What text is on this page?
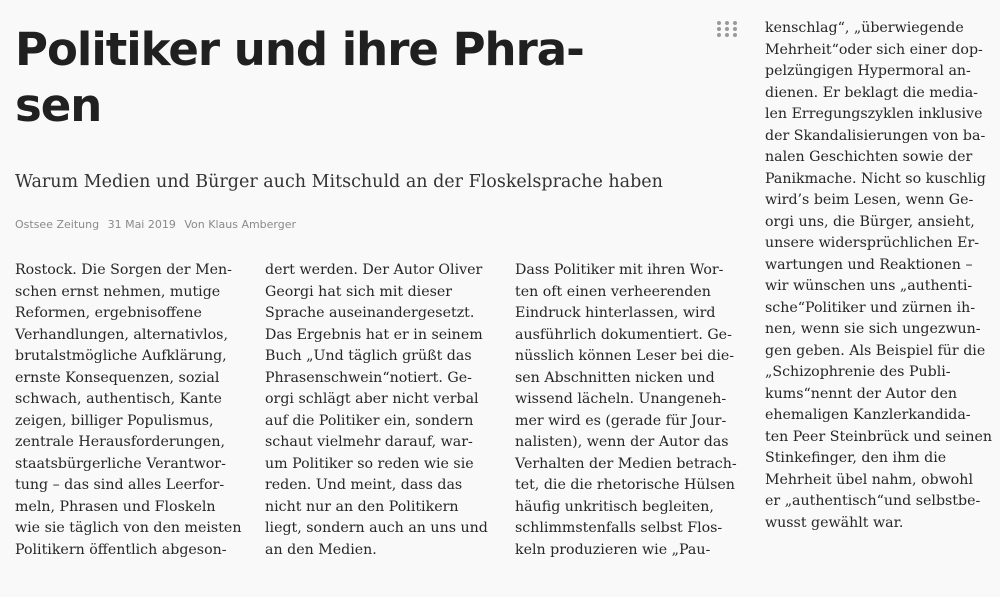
Politiker und ihre Phra-
sen
Warum Medien und Bürger auch Mitschuld an der Floskelsprache haben
Ostsee Zeitung 31 Mai 2019 Von Klaus Amberger
Rostock. Die Sorgen der Men-
schen ernst nehmen, mutige
Reformen, ergebnisoffene
Verhandlungen, alternativlos,
brutalstmögliche Aufklärung,
ernste Konsequenzen, sozial
schwach, authentisch, Kante
zeigen, billiger Populismus,
zentrale Herausforderungen,
staatsbürgerliche Verantwor-
tung – das sind alles Leerfor-
meln, Phrasen und Floskeln
wie sie täglich von den meisten
Politikern öffentlich abgeson-
dert werden. Der Autor Oliver
Georgi hat sich mit dieser
Sprache auseinandergesetzt.
Das Ergebnis hat er in seinem
Buch „Und täglich grüßt das
Phrasenschwein“notiert. Ge-
orgi schlägt aber nicht verbal
auf die Politiker ein, sondern
schaut vielmehr darauf, war-
um Politiker so reden wie sie
reden. Und meint, dass das
nicht nur an den Politikern
liegt, sondern auch an uns und
an den Medien.
Dass Politiker mit ihren Wor-
ten oft einen verheerenden
Eindruck hinterlassen, wird
ausführlich dokumentiert. Ge-
nüsslich können Leser bei die-
sen Abschnitten nicken und
wissend lächeln. Unangeneh-
mer wird es (gerade für Jour-
nalisten), wenn der Autor das
Verhalten der Medien betrach-
tet, die die rhetorische Hülsen
häufig unkritisch begleiten,
schlimmstenfalls selbst Flos-
keln produzieren wie „Pau-
kenschlag“, „überwiegende
Mehrheit“oder sich einer dop-
pelzüngigen Hypermoral an-
dienen. Er beklagt die media-
len Erregungszyklen inklusive
der Skandalisierungen von ba-
nalen Geschichten sowie der
Panikmache. Nicht so kuschlig
wird’s beim Lesen, wenn Ge-
orgi uns, die Bürger, ansieht,
unsere widersprüchlichen Er-
wartungen und Reaktionen –
wir wünschen uns „authenti-
sche“Politiker und zürnen ih-
nen, wenn sie sich ungezwun-
gen geben. Als Beispiel für die
„Schizophrenie des Publi-
kums“nennt der Autor den
ehemaligen Kanzlerkandida-
ten Peer Steinbrück und seinen
Stinkefinger, den ihm die
Mehrheit übel nahm, obwohl
er „authentisch“und selbstbe-
wusst gewählt war.
